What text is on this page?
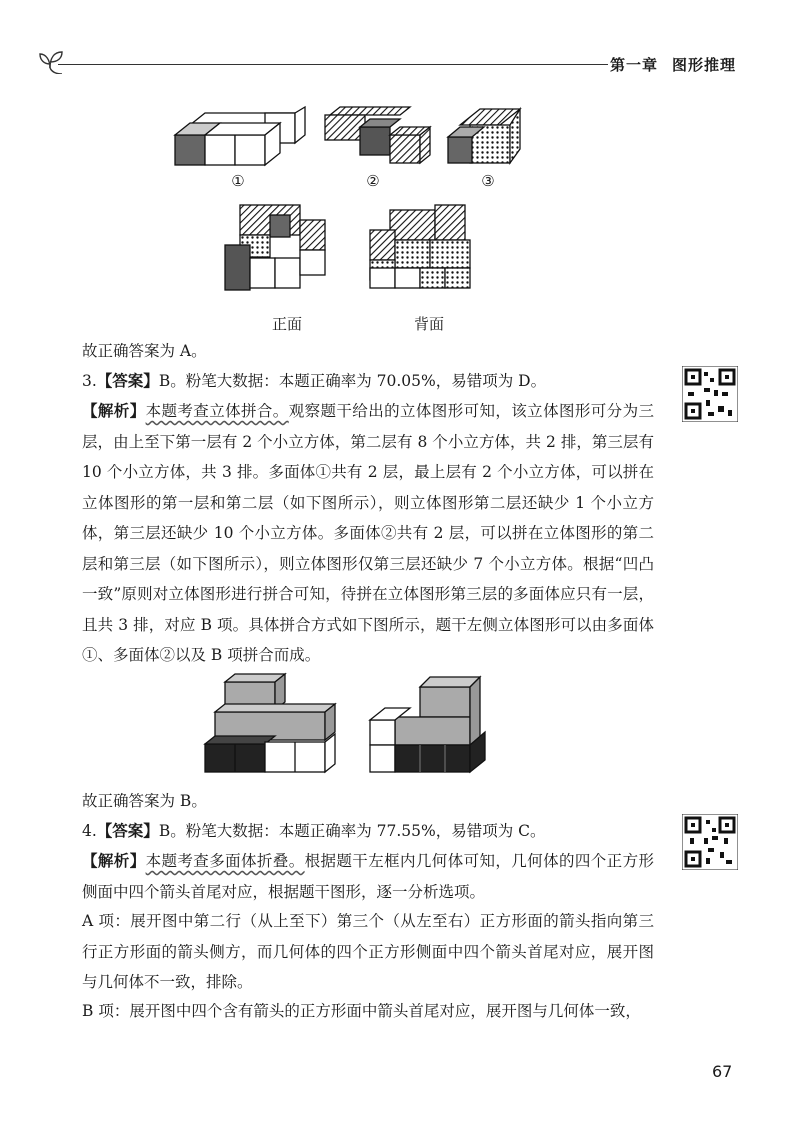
第一章 图形推理
①	②	③
正面	背面
故正确答案为 A。
3.【答案】B。粉笔大数据：本题正确率为 70.05%，易错项为 D。
【解析】本题考查立体拼合。观察题干给出的立体图形可知，该立体图形可分为三层，由上至下第一层有 2 个小立方体，第二层有 8 个小立方体，共 2 排，第三层有 10 个小立方体，共 3 排。多面体①共有 2 层，最上层有 2 个小立方体，可以拼在立体图形的第一层和第二层（如下图所示），则立体图形第二层还缺少 1 个小立方体，第三层还缺少 10 个小立方体。多面体②共有 2 层，可以拼在立体图形的第二层和第三层（如下图所示），则立体图形仅第三层还缺少 7 个小立方体。根据“凹凸一致”原则对立体图形进行拼合可知，待拼在立体图形第三层的多面体应只有一层，且共 3 排，对应 B 项。具体拼合方式如下图所示，题干左侧立体图形可以由多面体①、多面体②以及 B 项拼合而成。
故正确答案为 B。
4.【答案】B。粉笔大数据：本题正确率为 77.55%，易错项为 C。
【解析】本题考查多面体折叠。根据题干左框内几何体可知，几何体的四个正方形侧面中四个箭头首尾对应，根据题干图形，逐一分析选项。
A 项：展开图中第二行（从上至下）第三个（从左至右）正方形面的箭头指向第三行正方形面的箭头侧方，而几何体的四个正方形侧面中四个箭头首尾对应，展开图与几何体不一致，排除。
B 项：展开图中四个含有箭头的正方形面中箭头首尾对应，展开图与几何体一致，
67
